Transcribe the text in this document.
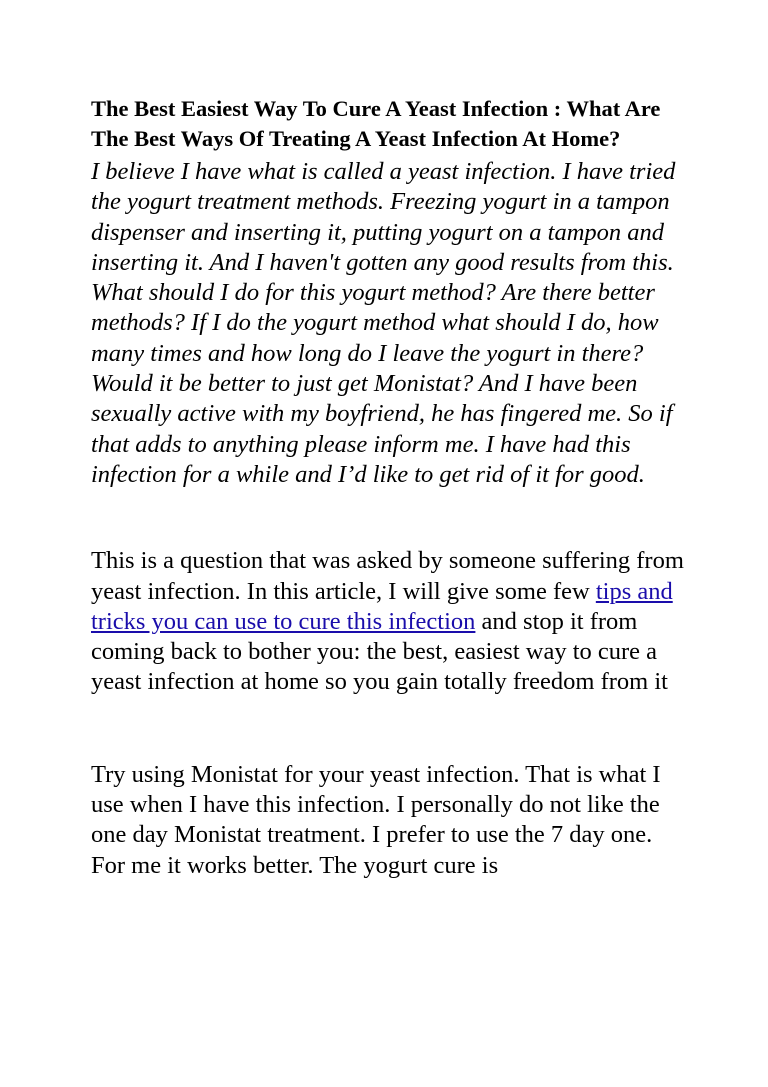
The Best Easiest Way To Cure A Yeast Infection : What Are The Best Ways Of Treating A Yeast Infection At Home?

I believe I have what is called a yeast infection. I have tried the yogurt treatment methods. Freezing yogurt in a tampon dispenser and inserting it, putting yogurt on a tampon and inserting it. And I haven't gotten any good results from this. What should I do for this yogurt method? Are there better methods? If I do the yogurt method what should I do, how many times and how long do I leave the yogurt in there? Would it be better to just get Monistat? And I have been sexually active with my boyfriend, he has fingered me. So if that adds to anything please inform me. I have had this infection for a while and I’d like to get rid of it for good.

This is a question that was asked by someone suffering from yeast infection. In this article, I will give some few tips and tricks you can use to cure this infection and stop it from coming back to bother you: the best, easiest way to cure a yeast infection at home so you gain totally freedom from it

Try using Monistat for your yeast infection. That is what I use when I have this infection. I personally do not like the one day Monistat treatment. I prefer to use the 7 day one. For me it works better. The yogurt cure is
